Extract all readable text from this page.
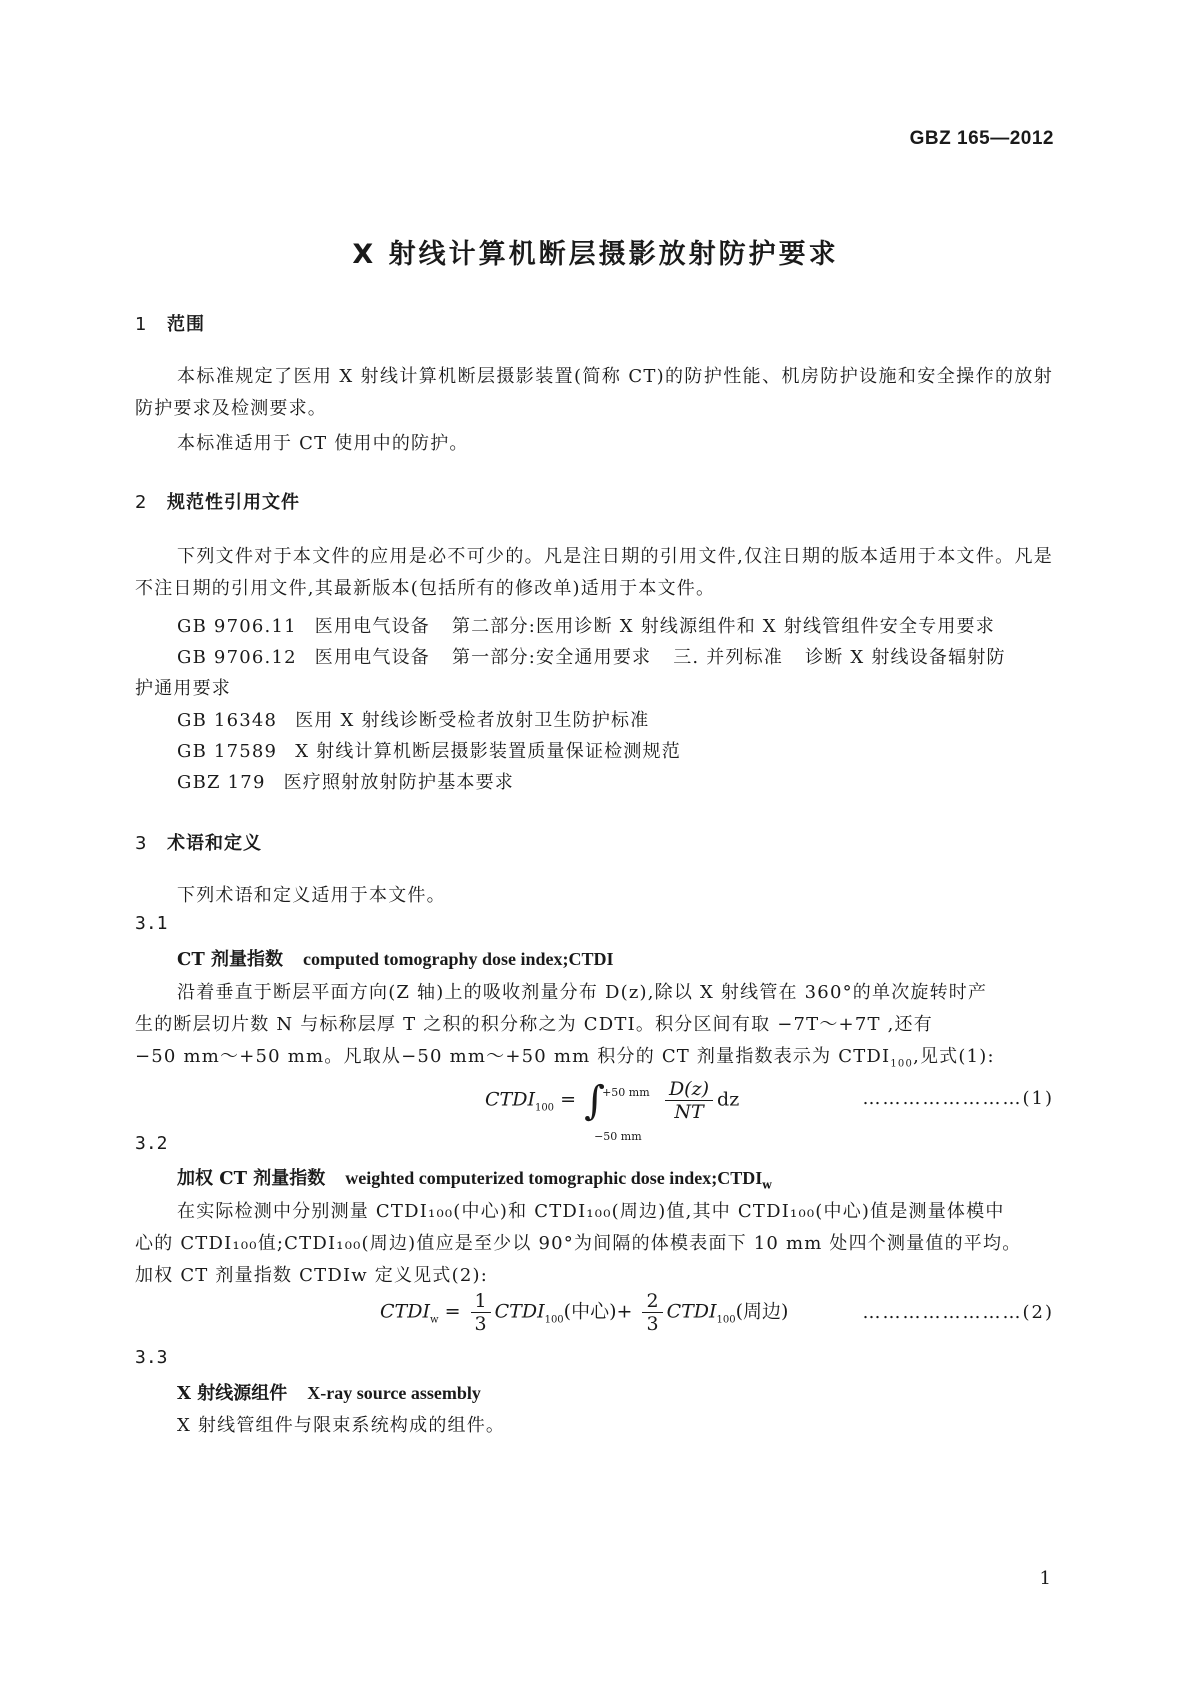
GBZ 165—2012
X 射线计算机断层摄影放射防护要求
1 范围
本标准规定了医用 X 射线计算机断层摄影装置(简称 CT)的防护性能、机房防护设施和安全操作的放射防护要求及检测要求。
本标准适用于 CT 使用中的防护。
2 规范性引用文件
下列文件对于本文件的应用是必不可少的。凡是注日期的引用文件,仅注日期的版本适用于本文件。凡是不注日期的引用文件,其最新版本(包括所有的修改单)适用于本文件。
GB 9706.11 医用电气设备 第二部分:医用诊断 X 射线源组件和 X 射线管组件安全专用要求
GB 9706.12 医用电气设备 第一部分:安全通用要求 三. 并列标准 诊断 X 射线设备辐射防
护通用要求
GB 16348 医用 X 射线诊断受检者放射卫生防护标准
GB 17589 X 射线计算机断层摄影装置质量保证检测规范
GBZ 179 医疗照射放射防护基本要求
3 术语和定义
下列术语和定义适用于本文件。
3.1
CT 剂量指数 computed tomography dose index;CTDI
沿着垂直于断层平面方向(Z 轴)上的吸收剂量分布 D(z),除以 X 射线管在 360°的单次旋转时产
生的断层切片数 N 与标称层厚 T 之积的积分称之为 CDTI。积分区间有取 −7T～+7T ,还有
−50 mm～+50 mm。凡取从−50 mm～+50 mm 积分的 CT 剂量指数表示为 $CTDI_{100}$,见式(1):
$CTDI_{100}$ = ∫
+50 mm
−50 mm

$\frac{D(z)}{NT}$ dz	……………………(1)
3.2
加权 CT 剂量指数 weighted computerized tomographic dose $index;CTDI_w$
在实际检测中分别测量 CTDI₁₀₀(中心)和 CTDI₁₀₀(周边)值,其中 CTDI₁₀₀(中心)值是测量体模中
心的 CTDI₁₀₀值;CTDI₁₀₀(周边)值应是至少以 90°为间隔的体模表面下 10 mm 处四个测量值的平均。
加权 CT 剂量指数 CTDIw 定义见式(2):
$CTDI_w = \frac{1}{3}$ $CTDI_{100}$(中心)+ $\frac{2}{3}$ $CTDI_{100}$(周边)	……………………(2)
3.3
X 射线源组件 X-ray source assembly
X 射线管组件与限束系统构成的组件。
1
